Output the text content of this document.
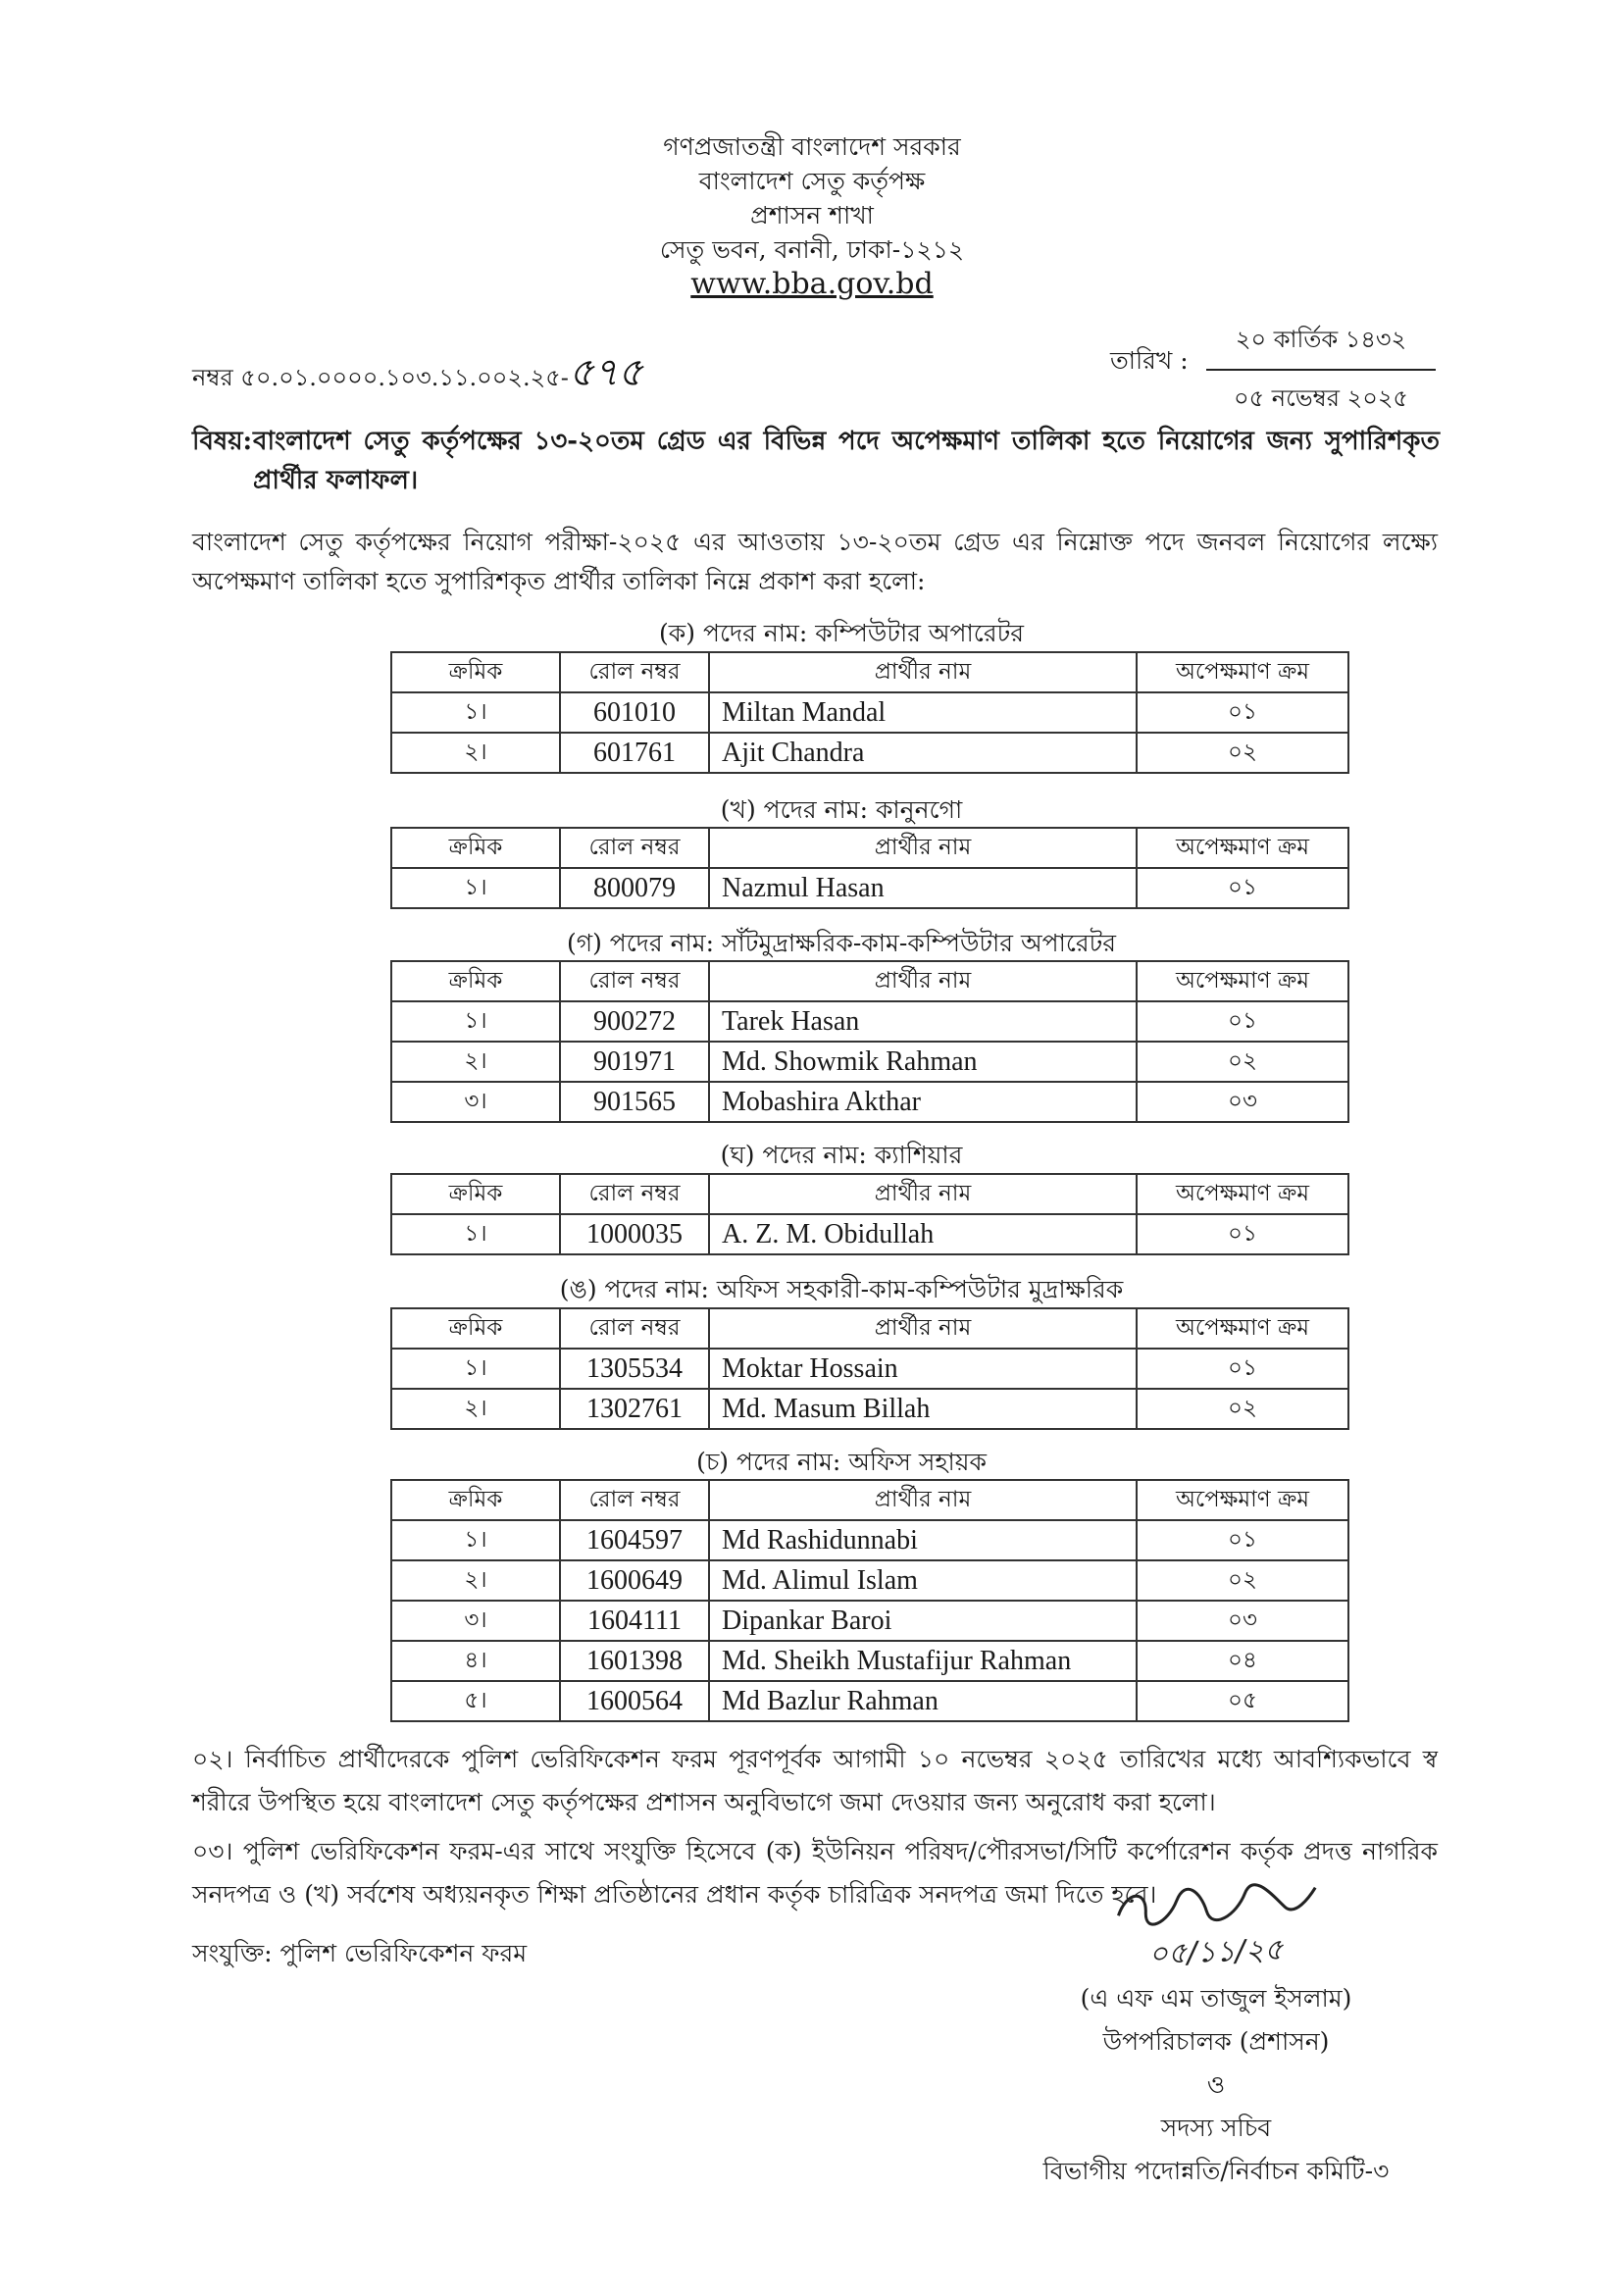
গণপ্রজাতন্ত্রী বাংলাদেশ সরকার
বাংলাদেশ সেতু কর্তৃপক্ষ
প্রশাসন শাখা
সেতু ভবন, বনানী, ঢাকা-১২১২
www.bba.gov.bd
নম্বর ৫০.০১.০০০০.১০৩.১১.০০২.২৫-৫৭৫	তারিখ :
২০ কার্তিক ১৪৩২
০৫ নভেম্বর ২০২৫
বিষয়: বাংলাদেশ সেতু কর্তৃপক্ষের ১৩-২০তম গ্রেড এর বিভিন্ন পদে অপেক্ষমাণ তালিকা হতে নিয়োগের জন্য সুপারিশকৃত প্রার্থীর ফলাফল।
বাংলাদেশ সেতু কর্তৃপক্ষের নিয়োগ পরীক্ষা-২০২৫ এর আওতায় ১৩-২০তম গ্রেড এর নিম্নোক্ত পদে জনবল নিয়োগের লক্ষ্যে অপেক্ষমাণ তালিকা হতে সুপারিশকৃত প্রার্থীর তালিকা নিম্নে প্রকাশ করা হলো:
(ক) পদের নাম: কম্পিউটার অপারেটর
ক্রমিক	রোল নম্বর	প্রার্থীর নাম	অপেক্ষমাণ ক্রম
১।	601010	Miltan Mandal	০১
২।	601761	Ajit Chandra	০২
(খ) পদের নাম: কানুনগো
ক্রমিক	রোল নম্বর	প্রার্থীর নাম	অপেক্ষমাণ ক্রম
১।	800079	Nazmul Hasan	০১
(গ) পদের নাম: সাঁটমুদ্রাক্ষরিক-কাম-কম্পিউটার অপারেটর
ক্রমিক	রোল নম্বর	প্রার্থীর নাম	অপেক্ষমাণ ক্রম
১।	900272	Tarek Hasan	০১
২।	901971	Md. Showmik Rahman	০২
৩।	901565	Mobashira Akthar	০৩
(ঘ) পদের নাম: ক্যাশিয়ার
ক্রমিক	রোল নম্বর	প্রার্থীর নাম	অপেক্ষমাণ ক্রম
১।	1000035	A. Z. M. Obidullah	০১
(ঙ) পদের নাম: অফিস সহকারী-কাম-কম্পিউটার মুদ্রাক্ষরিক
ক্রমিক	রোল নম্বর	প্রার্থীর নাম	অপেক্ষমাণ ক্রম
১।	1305534	Moktar Hossain	০১
২।	1302761	Md. Masum Billah	০২
(চ) পদের নাম: অফিস সহায়ক
ক্রমিক	রোল নম্বর	প্রার্থীর নাম	অপেক্ষমাণ ক্রম
১।	1604597	Md Rashidunnabi	০১
২।	1600649	Md. Alimul Islam	০২
৩।	1604111	Dipankar Baroi	০৩
৪।	1601398	Md. Sheikh Mustafijur Rahman	০৪
৫।	1600564	Md Bazlur Rahman	০৫
০২। নির্বাচিত প্রার্থীদেরকে পুলিশ ভেরিফিকেশন ফরম পূরণপূর্বক আগামী ১০ নভেম্বর ২০২৫ তারিখের মধ্যে আবশ্যিকভাবে স্ব শরীরে উপস্থিত হয়ে বাংলাদেশ সেতু কর্তৃপক্ষের প্রশাসন অনুবিভাগে জমা দেওয়ার জন্য অনুরোধ করা হলো।
০৩। পুলিশ ভেরিফিকেশন ফরম-এর সাথে সংযুক্তি হিসেবে (ক) ইউনিয়ন পরিষদ/পৌরসভা/সিটি কর্পোরেশন কর্তৃক প্রদত্ত নাগরিক সনদপত্র ও (খ) সর্বশেষ অধ্যয়নকৃত শিক্ষা প্রতিষ্ঠানের প্রধান কর্তৃক চারিত্রিক সনদপত্র জমা দিতে হবে।
সংযুক্তি: পুলিশ ভেরিফিকেশন ফরম	০৫/১১/২৫
(এ এফ এম তাজুল ইসলাম)
উপপরিচালক (প্রশাসন)
ও
সদস্য সচিব
বিভাগীয় পদোন্নতি/নির্বাচন কমিটি-৩
